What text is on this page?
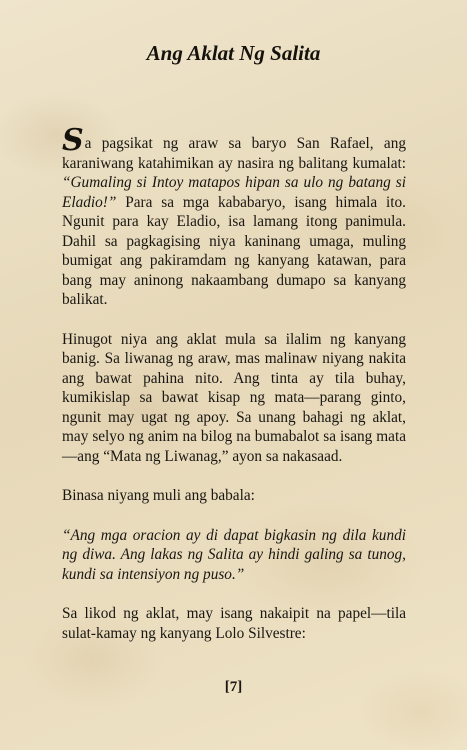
Ang Aklat Ng Salita

Sa pagsikat ng araw sa baryo San Rafael, ang karaniwang katahimikan ay nasira ng balitang kumalat: “Gumaling si Intoy matapos hipan sa ulo ng batang si Eladio!” Para sa mga kababaryo, isang himala ito. Ngunit para kay Eladio, isa lamang itong panimula. Dahil sa pagkagising niya kaninang umaga, muling bumigat ang pakiramdam ng kanyang katawan, para bang may aninong nakaambang dumapo sa kanyang balikat.

Hinugot niya ang aklat mula sa ilalim ng kanyang banig. Sa liwanag ng araw, mas malinaw niyang nakita ang bawat pahina nito. Ang tinta ay tila buhay, kumikislap sa bawat kisap ng mata—parang ginto, ngunit may ugat ng apoy. Sa unang bahagi ng aklat, may selyo ng anim na bilog na bumabalot sa isang mata—ang “Mata ng Liwanag,” ayon sa nakasaad.

Binasa niyang muli ang babala:

“Ang mga oracion ay di dapat bigkasin ng dila kundi ng diwa. Ang lakas ng Salita ay hindi galing sa tunog, kundi sa intensiyon ng puso.”

Sa likod ng aklat, may isang nakaipit na papel—tila sulat-kamay ng kanyang Lolo Silvestre:

[7]
